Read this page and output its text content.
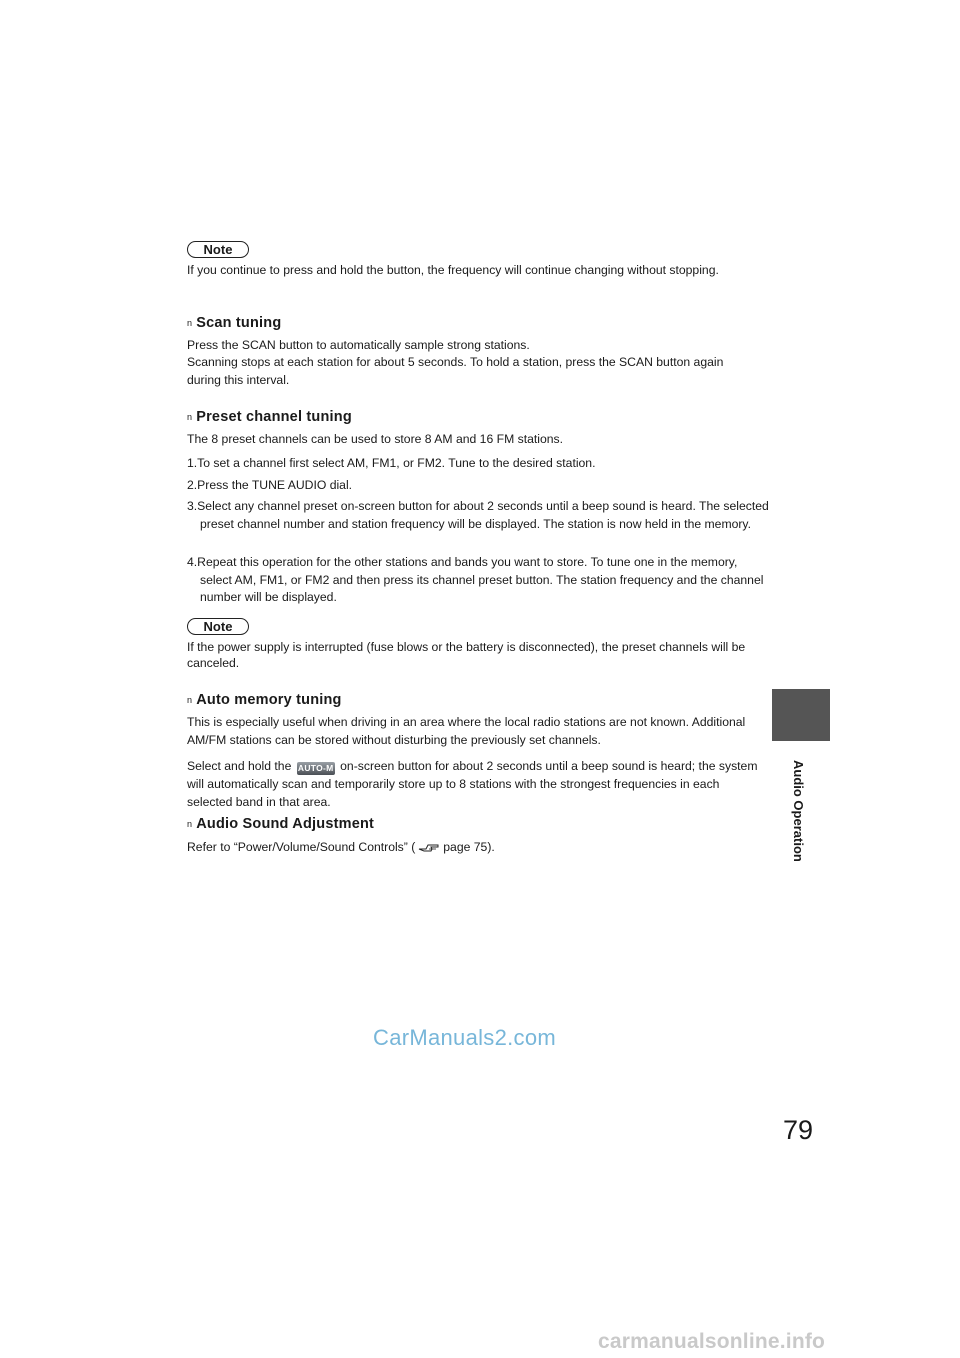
Note
If you continue to press and hold the button, the frequency will continue changing without stopping.
n Scan tuning
Press the SCAN button to automatically sample strong stations.
Scanning stops at each station for about 5 seconds. To hold a station, press the SCAN button again during this interval.
n Preset channel tuning
The 8 preset channels can be used to store 8 AM and 16 FM stations.
1.To set a channel first select AM, FM1, or FM2. Tune to the desired station.
2.Press the TUNE AUDIO dial.
3.Select any channel preset on-screen button for about 2 seconds until a beep sound is heard. The selected preset channel number and station frequency will be displayed. The station is now held in the memory.
4.Repeat this operation for the other stations and bands you want to store. To tune one in the memory, select AM, FM1, or FM2 and then press its channel preset button. The station frequency and the channel number will be displayed.
Note
If the power supply is interrupted (fuse blows or the battery is disconnected), the preset channels will be canceled.
n Auto memory tuning
This is especially useful when driving in an area where the local radio stations are not known. Additional AM/FM stations can be stored without disturbing the previously set channels.
Select and hold the AUTO-M on-screen button for about 2 seconds until a beep sound is heard; the system will automatically scan and temporarily store up to 8 stations with the strongest frequencies in each selected band in that area.
n Audio Sound Adjustment
Refer to “Power/Volume/Sound Controls” ( page 75).	Audio Operation
79
CarManuals2.com
carmanualsonline.info
